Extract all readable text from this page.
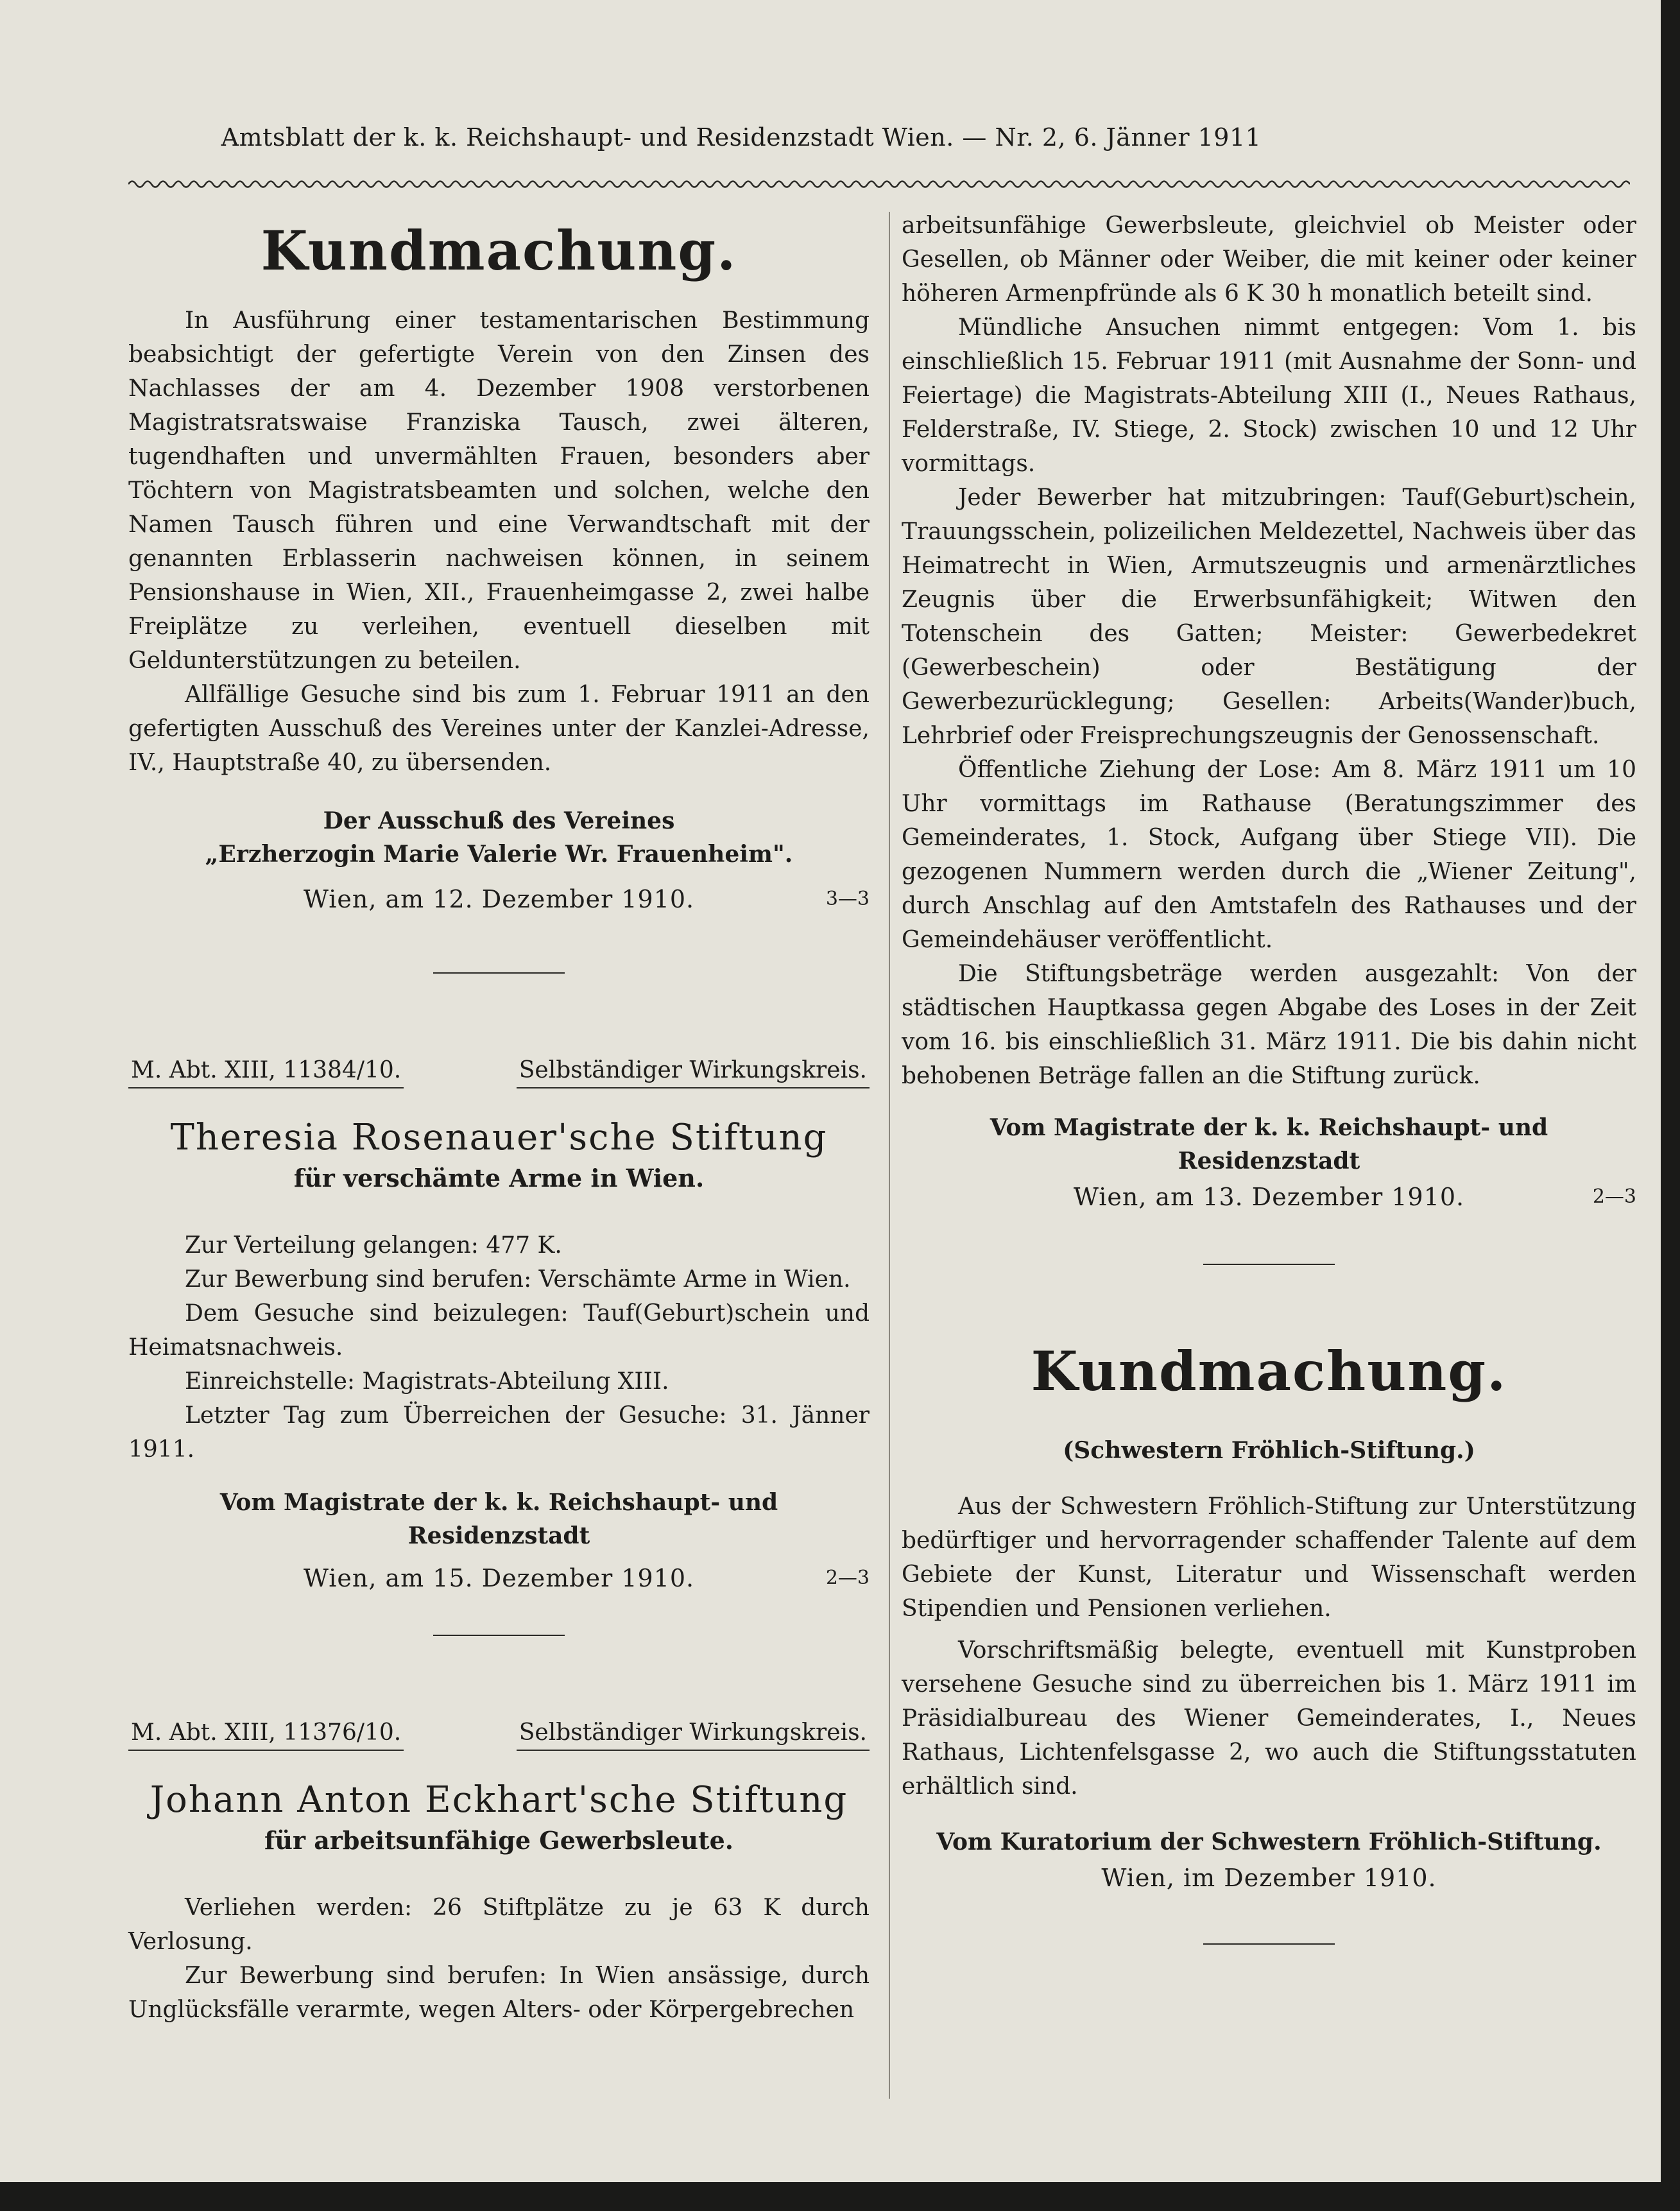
Amtsblatt der k. k. Reichshaupt- und Residenzstadt Wien. — Nr. 2, 6. Jänner 1911
Kundmachung.

In Ausführung einer testamentarischen Bestimmung beabsichtigt der gefertigte Verein von den Zinsen des Nachlasses der am 4. Dezember 1908 verstorbenen Magistratsratswaise Franziska Tausch, zwei älteren, tugendhaften und unvermählten Frauen, besonders aber Töchtern von Magistratsbeamten und solchen, welche den Namen Tausch führen und eine Verwandtschaft mit der genannten Erblasserin nachweisen können, in seinem Pensionshause in Wien, XII., Frauenheimgasse 2, zwei halbe Freiplätze zu verleihen, eventuell dieselben mit Geldunterstützungen zu beteilen.

Allfällige Gesuche sind bis zum 1. Februar 1911 an den gefertigten Ausschuß des Vereines unter der Kanzlei-Adresse, IV., Hauptstraße 40, zu übersenden.

Der Ausschuß des Vereines
„Erzherzogin Marie Valerie Wr. Frauenheim".
Wien, am 12. Dezember 1910.	3—3
M. Abt. XIII, 11384/10.	Selbständiger Wirkungskreis.
Theresia Rosenauer'sche Stiftung
für verschämte Arme in Wien.

Zur Verteilung gelangen: 477 K.

Zur Bewerbung sind berufen: Verschämte Arme in Wien.

Dem Gesuche sind beizulegen: Tauf(Geburt)schein und Heimatsnachweis.

Einreichstelle: Magistrats-Abteilung XIII.

Letzter Tag zum Überreichen der Gesuche: 31. Jänner 1911.

Vom Magistrate der k. k. Reichshaupt- und Residenzstadt
Wien, am 15. Dezember 1910.	2—3
M. Abt. XIII, 11376/10.	Selbständiger Wirkungskreis.
Johann Anton Eckhart'sche Stiftung
für arbeitsunfähige Gewerbsleute.

Verliehen werden: 26 Stiftplätze zu je 63 K durch Verlosung.

Zur Bewerbung sind berufen: In Wien ansässige, durch Unglücksfälle verarmte, wegen Alters- oder Körpergebrechen

arbeitsunfähige Gewerbsleute, gleichviel ob Meister oder Gesellen, ob Männer oder Weiber, die mit keiner oder keiner höheren Armenpfründe als 6 K 30 h monatlich beteilt sind.

Mündliche Ansuchen nimmt entgegen: Vom 1. bis einschließlich 15. Februar 1911 (mit Ausnahme der Sonn- und Feiertage) die Magistrats-Abteilung XIII (I., Neues Rathaus, Felderstraße, IV. Stiege, 2. Stock) zwischen 10 und 12 Uhr vormittags.

Jeder Bewerber hat mitzubringen: Tauf(Geburt)schein, Trauungsschein, polizeilichen Meldezettel, Nachweis über das Heimatrecht in Wien, Armutszeugnis und armenärztliches Zeugnis über die Erwerbsunfähigkeit; Witwen den Totenschein des Gatten; Meister: Gewerbedekret (Gewerbeschein) oder Bestätigung der Gewerbezurücklegung; Gesellen: Arbeits(Wander)buch, Lehrbrief oder Freisprechungszeugnis der Genossenschaft.

Öffentliche Ziehung der Lose: Am 8. März 1911 um 10 Uhr vormittags im Rathause (Beratungszimmer des Gemeinderates, 1. Stock, Aufgang über Stiege VII). Die gezogenen Nummern werden durch die „Wiener Zeitung", durch Anschlag auf den Amtstafeln des Rathauses und der Gemeindehäuser veröffentlicht.

Die Stiftungsbeträge werden ausgezahlt: Von der städtischen Hauptkassa gegen Abgabe des Loses in der Zeit vom 16. bis einschließlich 31. März 1911. Die bis dahin nicht behobenen Beträge fallen an die Stiftung zurück.

Vom Magistrate der k. k. Reichshaupt- und Residenzstadt
Wien, am 13. Dezember 1910.	2—3
Kundmachung.
(Schwestern Fröhlich-Stiftung.)

Aus der Schwestern Fröhlich-Stiftung zur Unterstützung bedürftiger und hervorragender schaffender Talente auf dem Gebiete der Kunst, Literatur und Wissenschaft werden Stipendien und Pensionen verliehen.

Vorschriftsmäßig belegte, eventuell mit Kunstproben versehene Gesuche sind zu überreichen bis 1. März 1911 im Präsidialbureau des Wiener Gemeinderates, I., Neues Rathaus, Lichtenfelsgasse 2, wo auch die Stiftungsstatuten erhältlich sind.

Vom Kuratorium der Schwestern Fröhlich-Stiftung.
Wien, im Dezember 1910.
